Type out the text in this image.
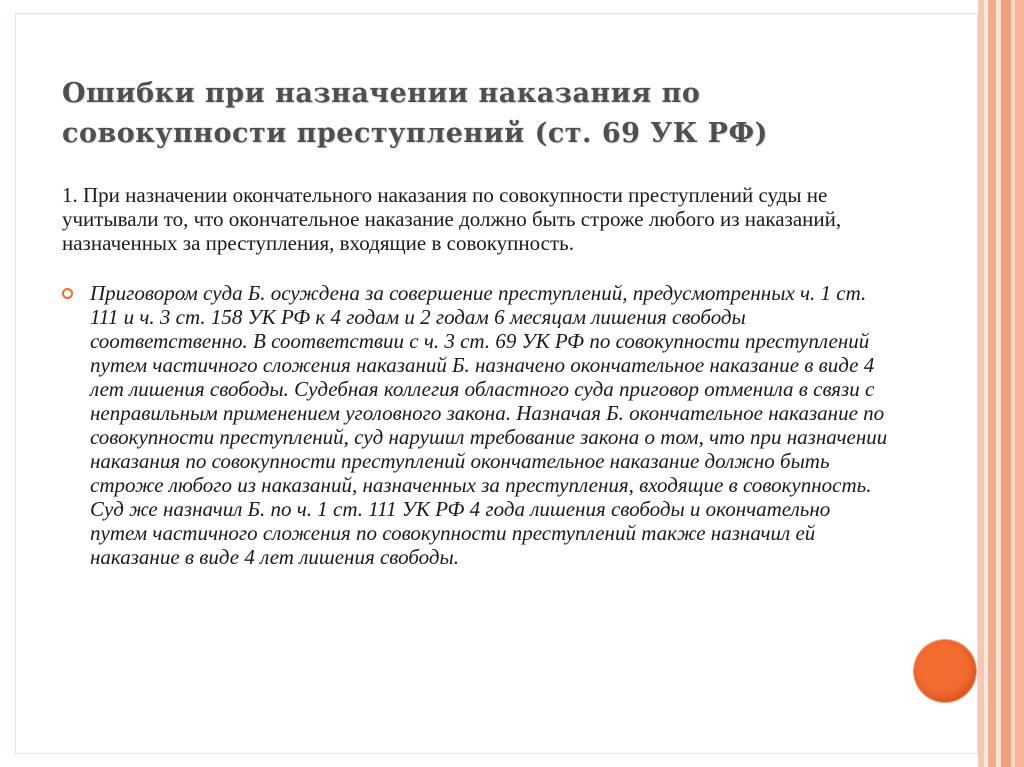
Ошибки при назначении наказания по совокупности преступлений (ст. 69 УК РФ)

1. При назначении окончательного наказания по совокупности преступлений суды не учитывали то, что окончательное наказание должно быть строже любого из наказаний, назначенных за преступления, входящие в совокупность.

Приговором суда Б. осуждена за совершение преступлений, предусмотренных ч. 1 ст. 111 и ч. 3 ст. 158 УК РФ к 4 годам и 2 годам 6 месяцам лишения свободы соответственно. В соответствии с ч. 3 ст. 69 УК РФ по совокупности преступлений путем частичного сложения наказаний Б. назначено окончательное наказание в виде 4 лет лишения свободы. Судебная коллегия областного суда приговор отменила в связи с неправильным применением уголовного закона. Назначая Б. окончательное наказание по совокупности преступлений, суд нарушил требование закона о том, что при назначении наказания по совокупности преступлений окончательное наказание должно быть строже любого из наказаний, назначенных за преступления, входящие в совокупность. Суд же назначил Б. по ч. 1 ст. 111 УК РФ 4 года лишения свободы и окончательно путем частичного сложения по совокупности преступлений также назначил ей наказание в виде 4 лет лишения свободы.
